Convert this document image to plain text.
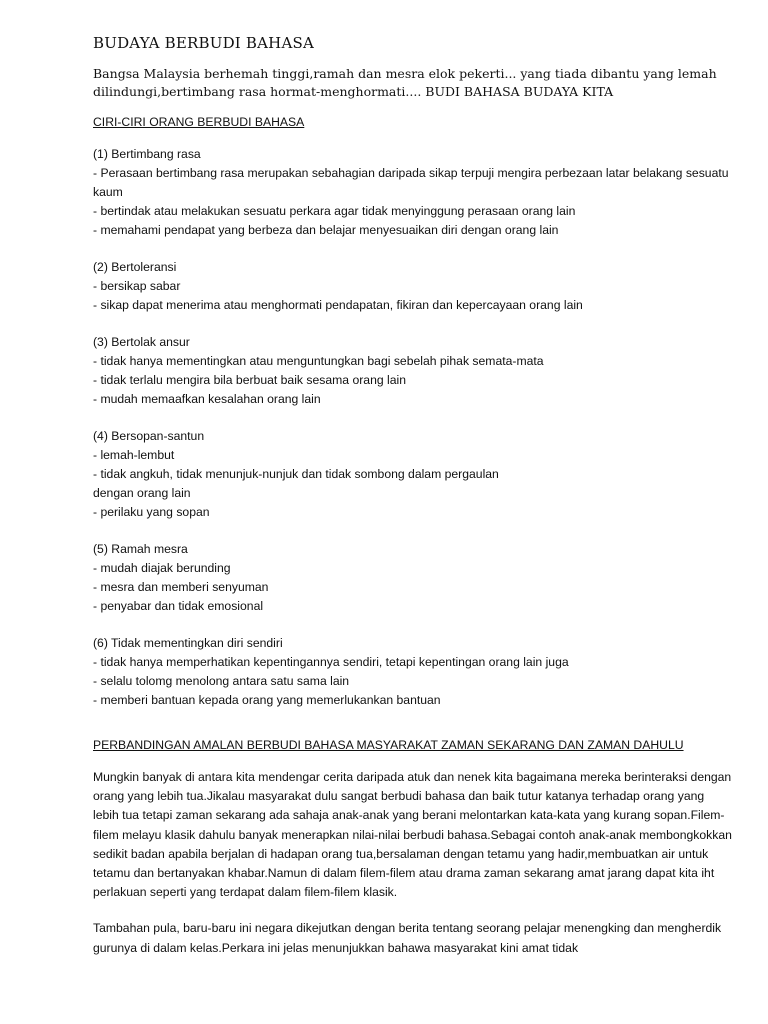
BUDAYA BERBUDI BAHASA
Bangsa Malaysia berhemah tinggi,ramah dan mesra elok pekerti... yang tiada dibantu yang lemah dilindungi,bertimbang rasa hormat-menghormati.... BUDI BAHASA BUDAYA KITA
CIRI-CIRI ORANG BERBUDI BAHASA
(1) Bertimbang rasa
- Perasaan bertimbang rasa merupakan sebahagian daripada sikap terpuji mengira perbezaan latar belakang sesuatu kaum
- bertindak atau melakukan sesuatu perkara agar tidak menyinggung perasaan orang lain
- memahami pendapat yang berbeza dan belajar menyesuaikan diri dengan orang lain
(2) Bertoleransi
- bersikap sabar
- sikap dapat menerima atau menghormati pendapatan, fikiran dan kepercayaan orang lain
(3) Bertolak ansur
- tidak hanya mementingkan atau menguntungkan bagi sebelah pihak semata-mata
- tidak terlalu mengira bila berbuat baik sesama orang lain
- mudah memaafkan kesalahan orang lain
(4) Bersopan-santun
- lemah-lembut
- tidak angkuh, tidak menunjuk-nunjuk dan tidak sombong dalam pergaulan
dengan orang lain
- perilaku yang sopan
(5) Ramah mesra
- mudah diajak berunding
- mesra dan memberi senyuman
- penyabar dan tidak emosional
(6) Tidak mementingkan diri sendiri
- tidak hanya memperhatikan kepentingannya sendiri, tetapi kepentingan orang lain juga
- selalu tolomg menolong antara satu sama lain
- memberi bantuan kepada orang yang memerlukankan bantuan
PERBANDINGAN AMALAN BERBUDI BAHASA MASYARAKAT ZAMAN SEKARANG DAN ZAMAN DAHULU
Mungkin banyak di antara kita mendengar cerita daripada atuk dan nenek kita bagaimana mereka berinteraksi dengan orang yang lebih tua.Jikalau masyarakat dulu sangat berbudi bahasa dan baik tutur katanya terhadap orang yang lebih tua tetapi zaman sekarang ada sahaja anak-anak yang berani melontarkan kata-kata yang kurang sopan.Filem-filem melayu klasik dahulu banyak menerapkan nilai-nilai berbudi bahasa.Sebagai contoh anak-anak membongkokkan sedikit badan apabila berjalan di hadapan orang tua,bersalaman dengan tetamu yang hadir,membuatkan air untuk tetamu dan bertanyakan khabar.Namun di dalam filem-filem atau drama zaman sekarang amat jarang dapat kita iht perlakuan seperti yang terdapat dalam filem-filem klasik.
Tambahan pula, baru-baru ini negara dikejutkan dengan berita tentang seorang pelajar menengking dan mengherdik gurunya di dalam kelas.Perkara ini jelas menunjukkan bahawa masyarakat kini amat tidak
